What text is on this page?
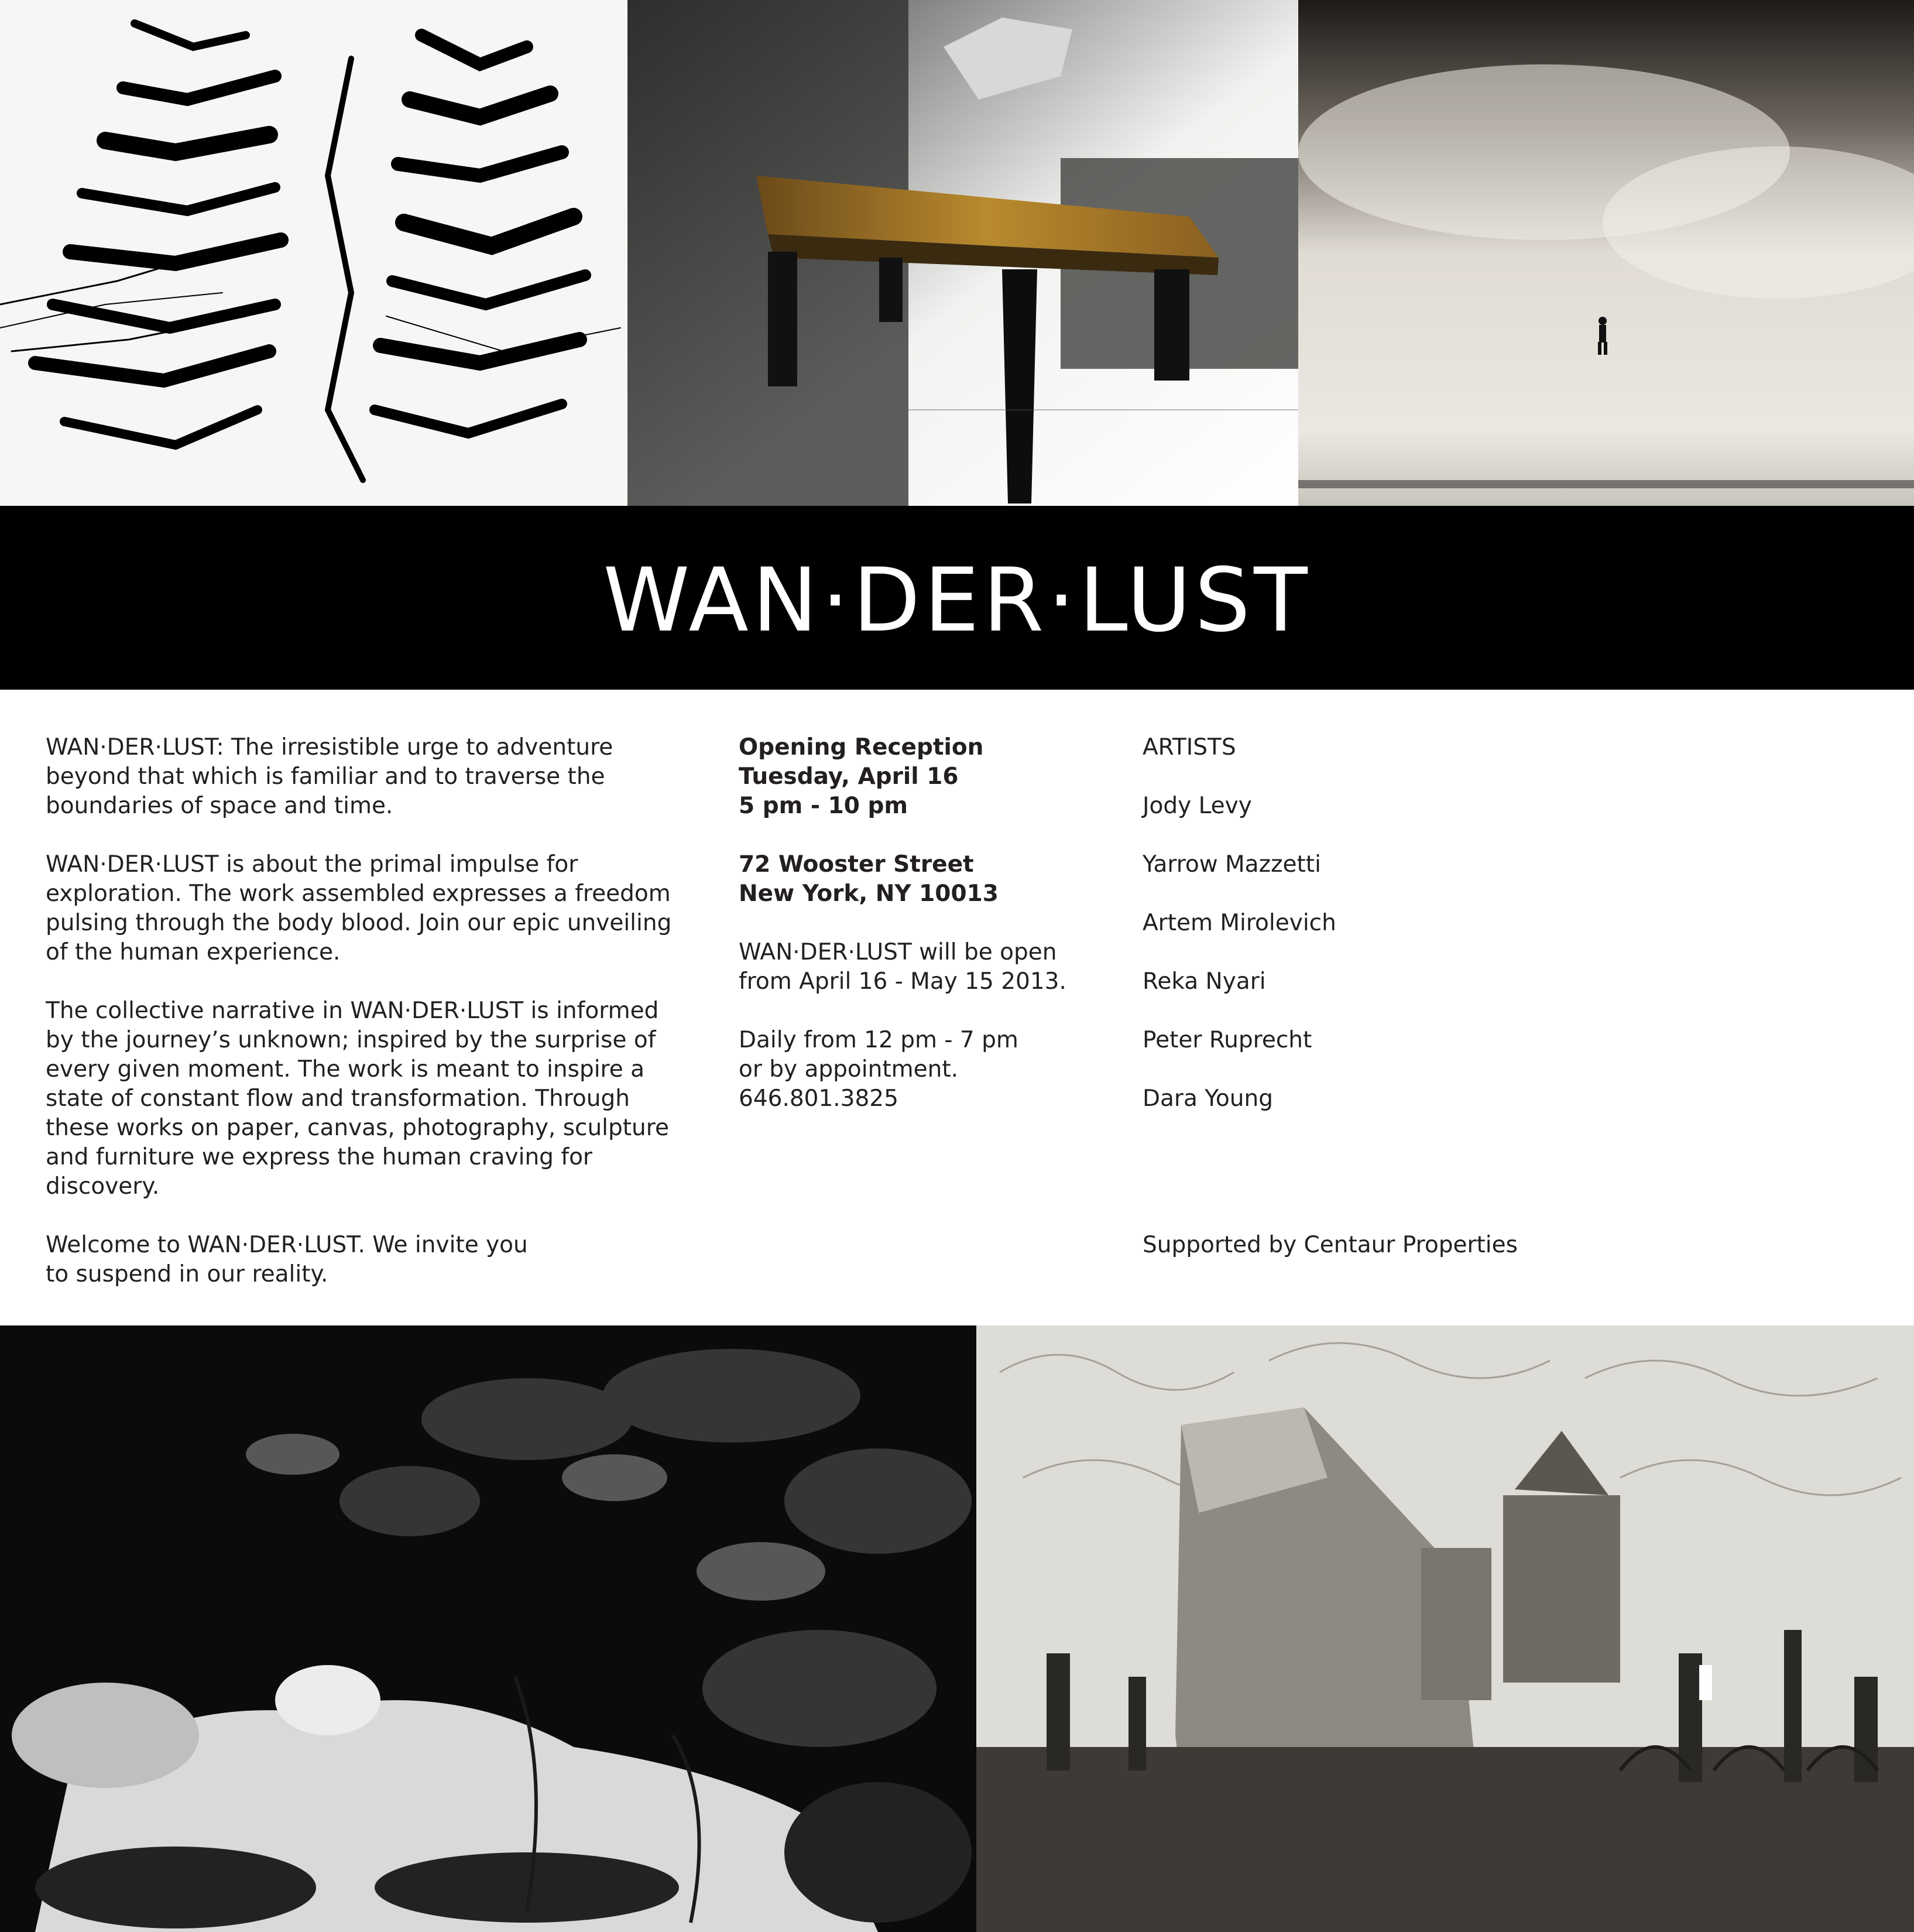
WAN·DER·LUST

WAN·DER·LUST: The irresistible urge to adventure
beyond that which is familiar and to traverse the
boundaries of space and time.

WAN·DER·LUST is about the primal impulse for
exploration. The work assembled expresses a freedom
pulsing through the body blood. Join our epic unveiling
of the human experience.

The collective narrative in WAN·DER·LUST is informed
by the journey’s unknown; inspired by the surprise of
every given moment. The work is meant to inspire a
state of constant flow and transformation. Through
these works on paper, canvas, photography, sculpture
and furniture we express the human craving for
discovery.

Welcome to WAN·DER·LUST. We invite you
to suspend in our reality.

Opening Reception
Tuesday, April 16
5 pm - 10 pm

72 Wooster Street
New York, NY 10013

WAN·DER·LUST will be open
from April 16 - May 15 2013.

Daily from 12 pm - 7 pm
or by appointment.
646.801.3825

ARTISTS
Jody Levy
Yarrow Mazzetti
Artem Mirolevich
Reka Nyari
Peter Ruprecht
Dara Young
Supported by Centaur Properties
